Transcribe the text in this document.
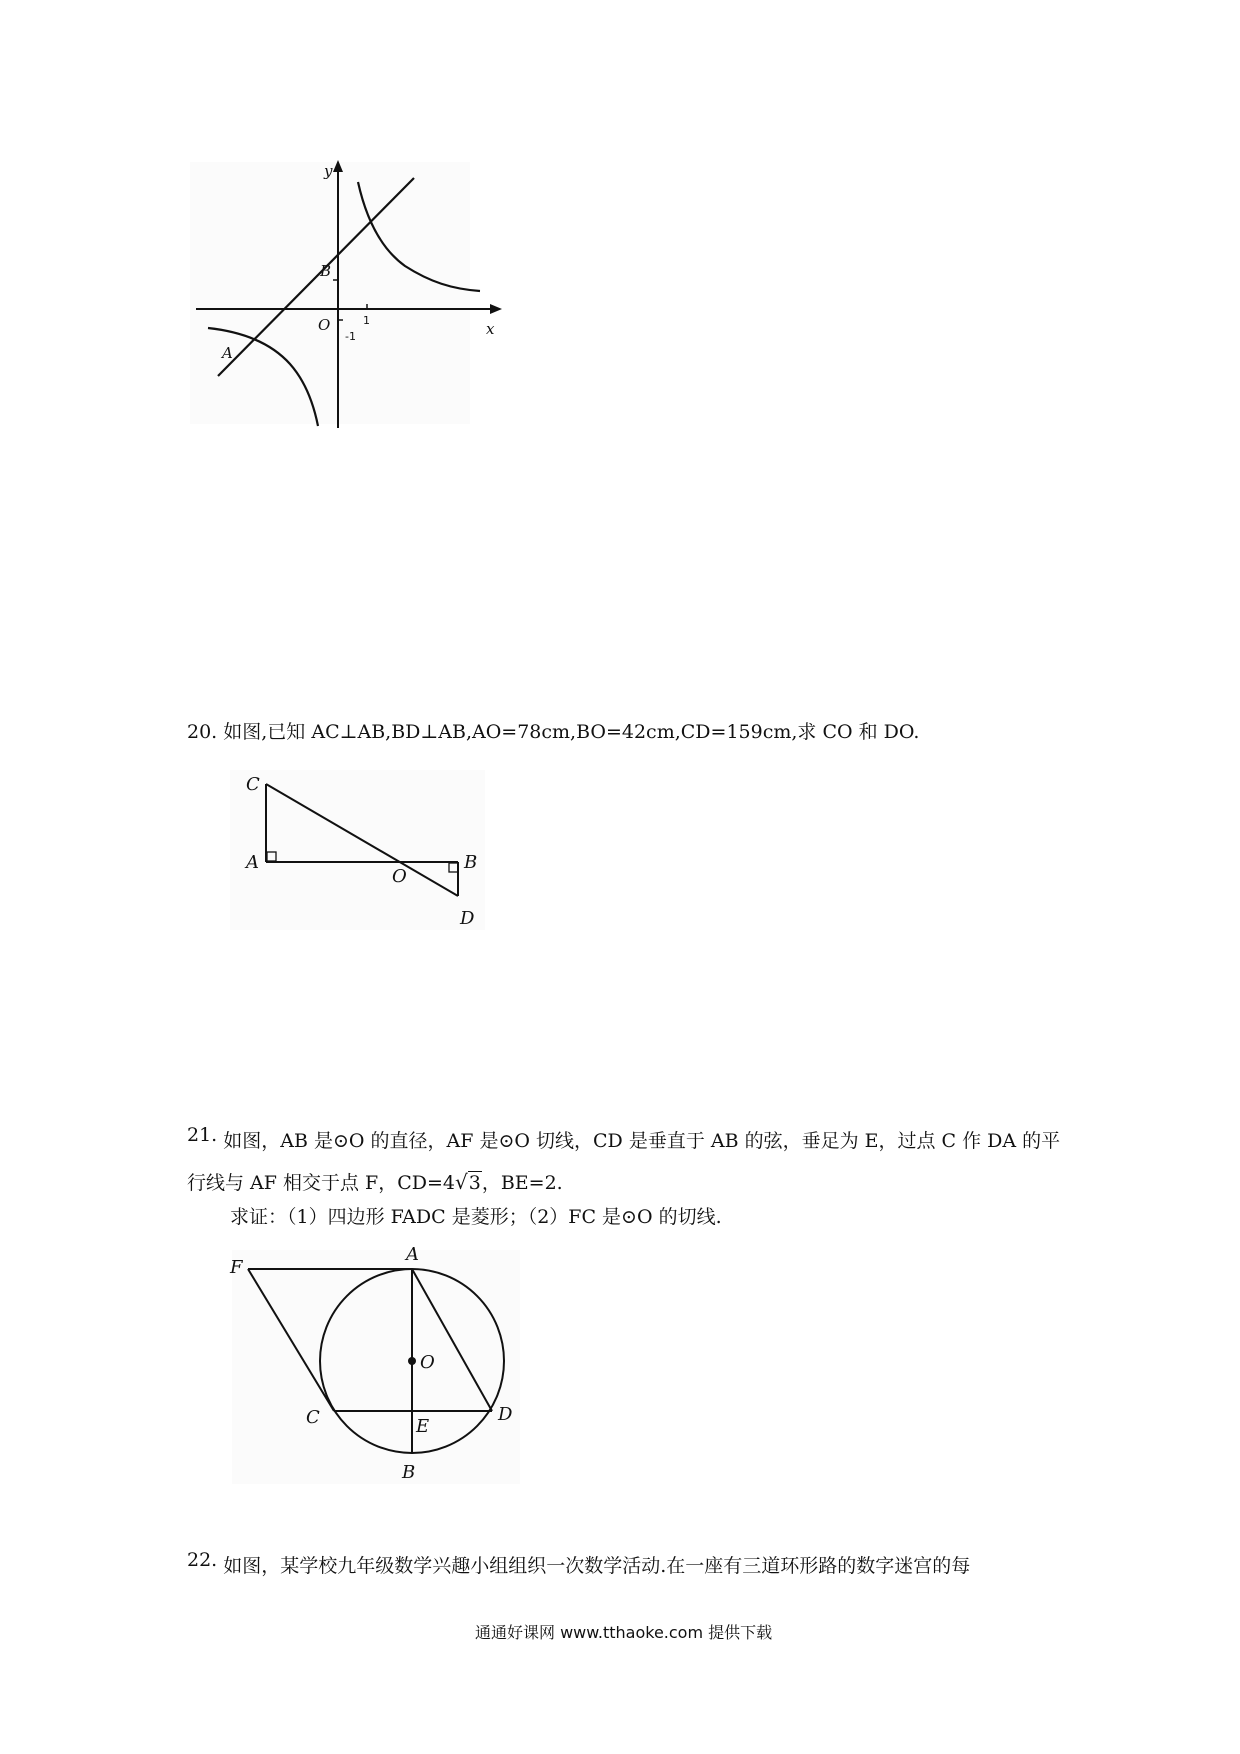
y
x
O	1
-1
A
B
20. 如图,已知 AC⊥AB,BD⊥AB,AO=78cm,BO=42cm,CD=159cm,求 CO 和 DO.
C
A
O
B
D
21. 如图，AB 是⊙O 的直径，AF 是⊙O 切线，CD 是垂直于 AB 的弦，垂足为 E，过点 C 作 DA 的平
行线与 AF 相交于点 F，CD=4√3，BE=2.
求证：（1）四边形 FADC 是菱形；（2）FC 是⊙O 的切线.
F
A
O
C	E
D
B
22. 如图，某学校九年级数学兴趣小组组织一次数学活动.在一座有三道环形路的数字迷宫的每
通通好课网 www.tthaoke.com 提供下载
